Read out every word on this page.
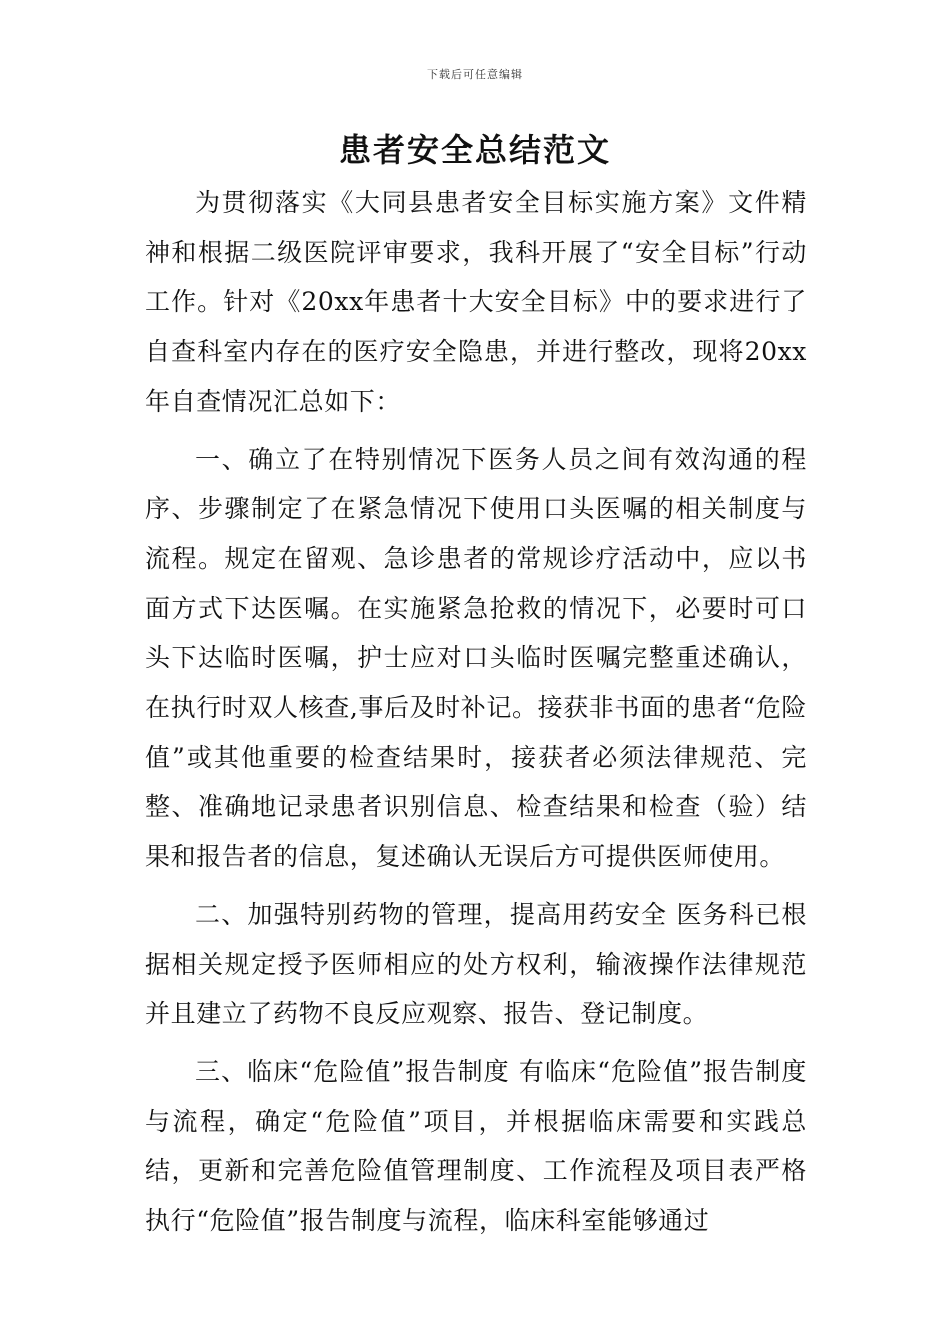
下载后可任意编辑
患者安全总结范文

为贯彻落实《大同县患者安全目标实施方案》文件精神和根据二级医院评审要求，我科开展了“安全目标”行动工作。针对《20xx年患者十大安全目标》中的要求进行了自查科室内存在的医疗安全隐患，并进行整改，现将20xx年自查情况汇总如下：

一、确立了在特别情况下医务人员之间有效沟通的程序、步骤制定了在紧急情况下使用口头医嘱的相关制度与流程。规定在留观、急诊患者的常规诊疗活动中，应以书面方式下达医嘱。在实施紧急抢救的情况下，必要时可口头下达临时医嘱，护士应对口头临时医嘱完整重述确认，在执行时双人核查,事后及时补记。接获非书面的患者“危险值”或其他重要的检查结果时，接获者必须法律规范、完整、准确地记录患者识别信息、检查结果和检查（验）结果和报告者的信息，复述确认无误后方可提供医师使用。

二、加强特别药物的管理，提高用药安全 医务科已根据相关规定授予医师相应的处方权利，输液操作法律规范并且建立了药物不良反应观察、报告、登记制度。

三、临床“危险值”报告制度 有临床“危险值”报告制度与流程，确定“危险值”项目，并根据临床需要和实践总结，更新和完善危险值管理制度、工作流程及项目表严格执行“危险值”报告制度与流程，临床科室能够通过
